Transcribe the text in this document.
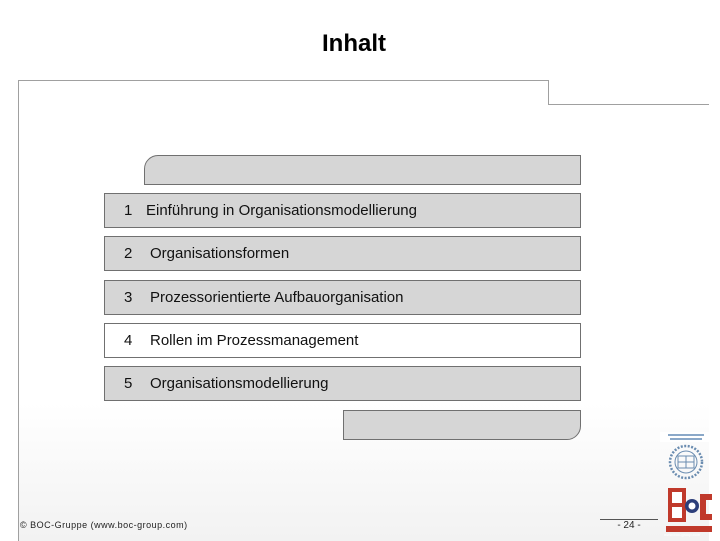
Inhalt
1 Einführung in Organisationsmodellierung
2	Organisationsformen
3	Prozessorientierte Aufbauorganisation
4	Rollen im Prozessmanagement
5	Organisationsmodellierung
www.boc-group.com
© BOC-Gruppe (www.boc-group.com)	- 24 -
